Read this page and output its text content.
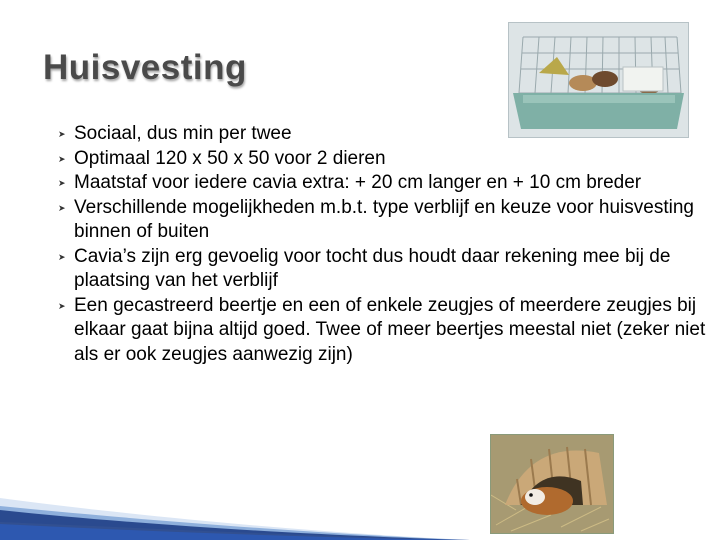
Huisvesting
➤ Sociaal, dus min per twee
➤ Optimaal 120 x 50 x 50 voor 2 dieren
➤ Maatstaf voor iedere cavia extra: + 20 cm langer en + 10 cm breder
➤ Verschillende mogelijkheden m.b.t. type verblijf en keuze voor huisvesting binnen of buiten
➤ Cavia’s zijn erg gevoelig voor tocht dus houdt daar rekening mee bij de plaatsing van het verblijf
➤ Een gecastreerd beertje en een of enkele zeugjes of meerdere zeugjes bij elkaar gaat bijna altijd goed. Twee of meer beertjes meestal niet (zeker niet als er ook zeugjes aanwezig zijn)
